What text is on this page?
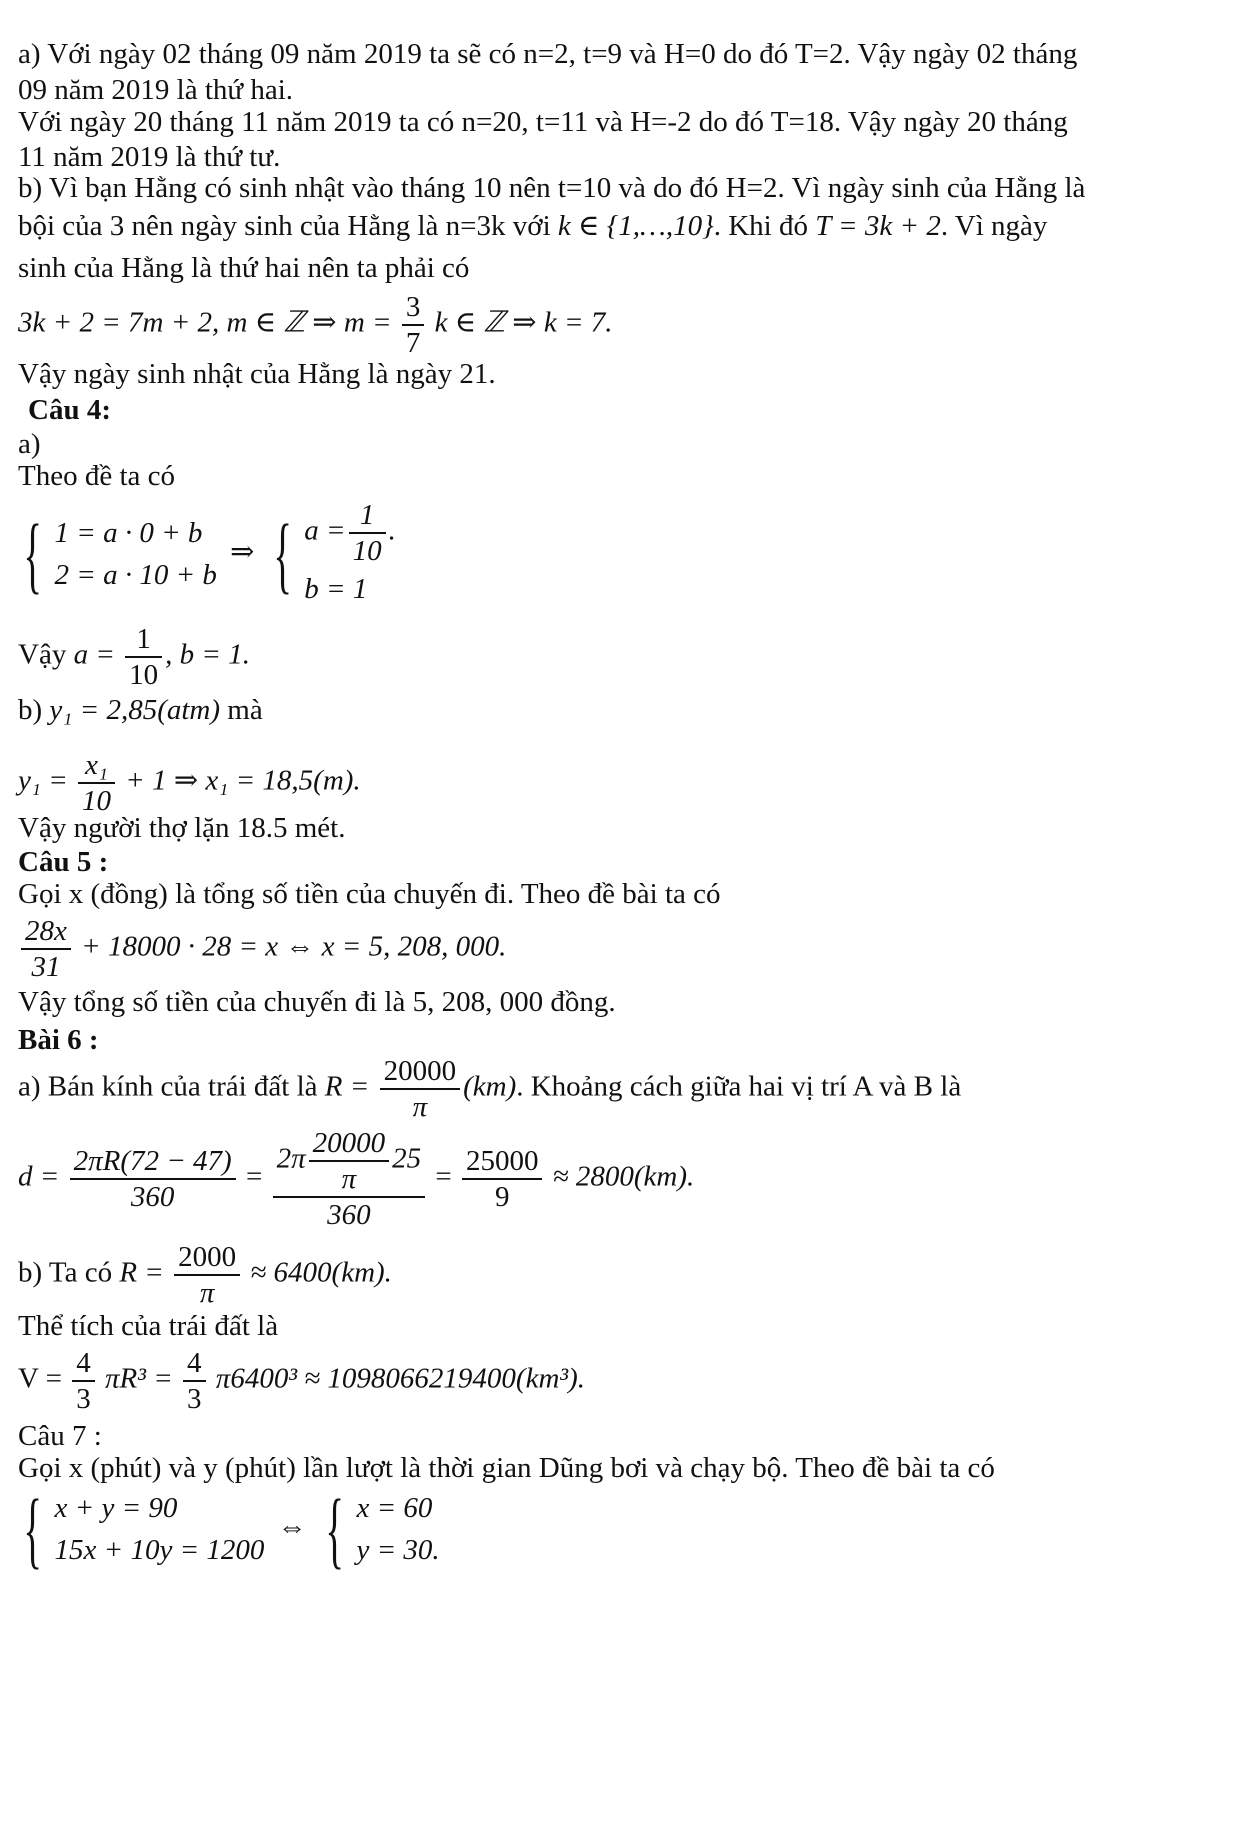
a) Với ngày 02 tháng 09 năm 2019 ta sẽ có n=2, t=9 và H=0 do đó T=2. Vậy ngày 02 tháng
09 năm 2019 là thứ hai.
Với ngày 20 tháng 11 năm 2019 ta có n=20, t=11 và H=-2 do đó T=18. Vậy ngày 20 tháng
11 năm 2019 là thứ tư.
b) Vì bạn Hằng có sinh nhật vào tháng 10 nên t=10 và do đó H=2. Vì ngày sinh của Hằng là
bội của 3 nên ngày sinh của Hằng là n=3k với k ∈ {1,…,10}. Khi đó T = 3k + 2. Vì ngày
sinh của Hằng là thứ hai nên ta phải có
3k + 2 = 7m + 2, m ∈ ℤ ⇒ $m = \frac{3}{7}$ k ∈ ℤ ⇒ k = 7.
Vậy ngày sinh nhật của Hằng là ngày 21.
Câu 4:
a)
Theo đề ta có
{ 1 = a · 0 + b
2 = a · 10 + b
⇒ { $a = \frac{1}{10}$ .
b = 1
Vậy $a = \frac{1}{10}$ , b = 1.
b) y₁ = 2,85(atm) mà
$y_1 = \frac{\text{x₁}}{10} + 1$ ⇒ x₁ = 18,5(m).
Vậy người thợ lặn 18.5 mét.
Câu 5 :
Gọi x (đồng) là tổng số tiền của chuyến đi. Theo đề bài ta có
$\frac{28x}{31} + 18000 \cdot 28 = x$ ⇔ x = 5, 208, 000.
Vậy tổng số tiền của chuyến đi là 5, 208, 000 đồng.
Bài 6 :
a) Bán kính của trái đất là $R = \frac{20000}{\pi} (km)$. Khoảng cách giữa hai vị trí A và B là
$d = \frac{2\pi R(72 - 47)}{360} = \frac{2\pi \frac{20000}{\pi} 25}{360} = \frac{25000}{9} \approx 2800(km)$.
b) Ta có $R = \frac{2000}{\pi} \approx 6400(km)$.
Thể tích của trái đất là
$V = \frac{4}{3} \pi R^3 = \frac{4}{3} \pi 6400^3 \approx 1098066219400(km^3)$.
Câu 7 :
Gọi x (phút) và y (phút) lần lượt là thời gian Dũng bơi và chạy bộ. Theo đề bài ta có
{ x + y = 90
15x + 10y = 1200
⇔ { x = 60
y = 30.
